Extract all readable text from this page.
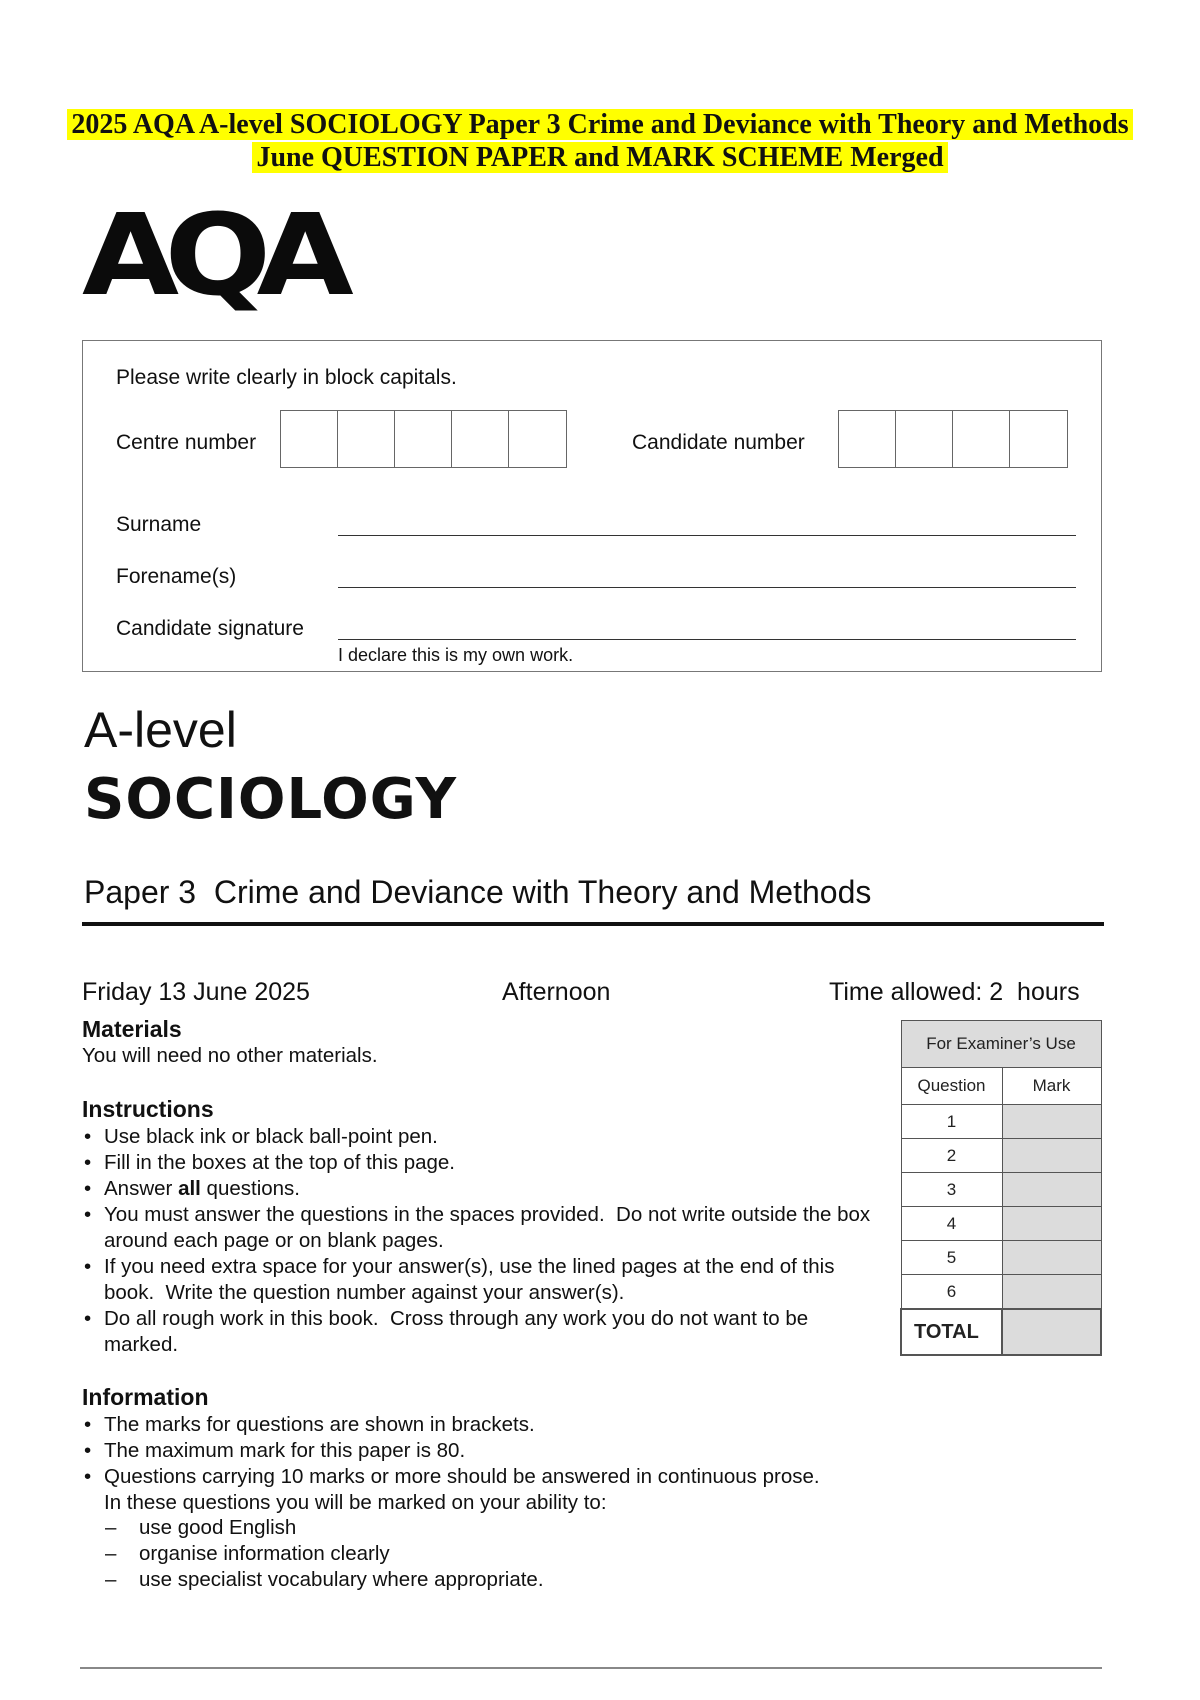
2025 AQA A-level SOCIOLOGY Paper 3 Crime and Deviance with Theory and Methods
June QUESTION PAPER and MARK SCHEME Merged
AQA
Please write clearly in block capitals.
Centre number	Candidate number
Surname
Forename(s)
Candidate signature
I declare this is my own work.
A-level
SOCIOLOGY
Paper 3  Crime and Deviance with Theory and Methods
Friday 13 June 2025	Afternoon	Time allowed: 2  hours
Materials
You will need no other materials.
Instructions
• Use black ink or black ball-point pen.
• Fill in the boxes at the top of this page.
• Answer all questions.
• You must answer the questions in the spaces provided.  Do not write outside the box around each page or on blank pages.
• If you need extra space for your answer(s), use the lined pages at the end of this book.  Write the question number against your answer(s).
• Do all rough work in this book.  Cross through any work you do not want to be marked.
Information
• The marks for questions are shown in brackets.
• The maximum mark for this paper is 80.
• Questions carrying 10 marks or more should be answered in continuous prose.
In these questions you will be marked on your ability to:
– use good English
– organise information clearly
– use specialist vocabulary where appropriate.
For Examiner’s Use	
Question	Mark
1	
2	
3	
4	
5	
6	
TOTAL	
